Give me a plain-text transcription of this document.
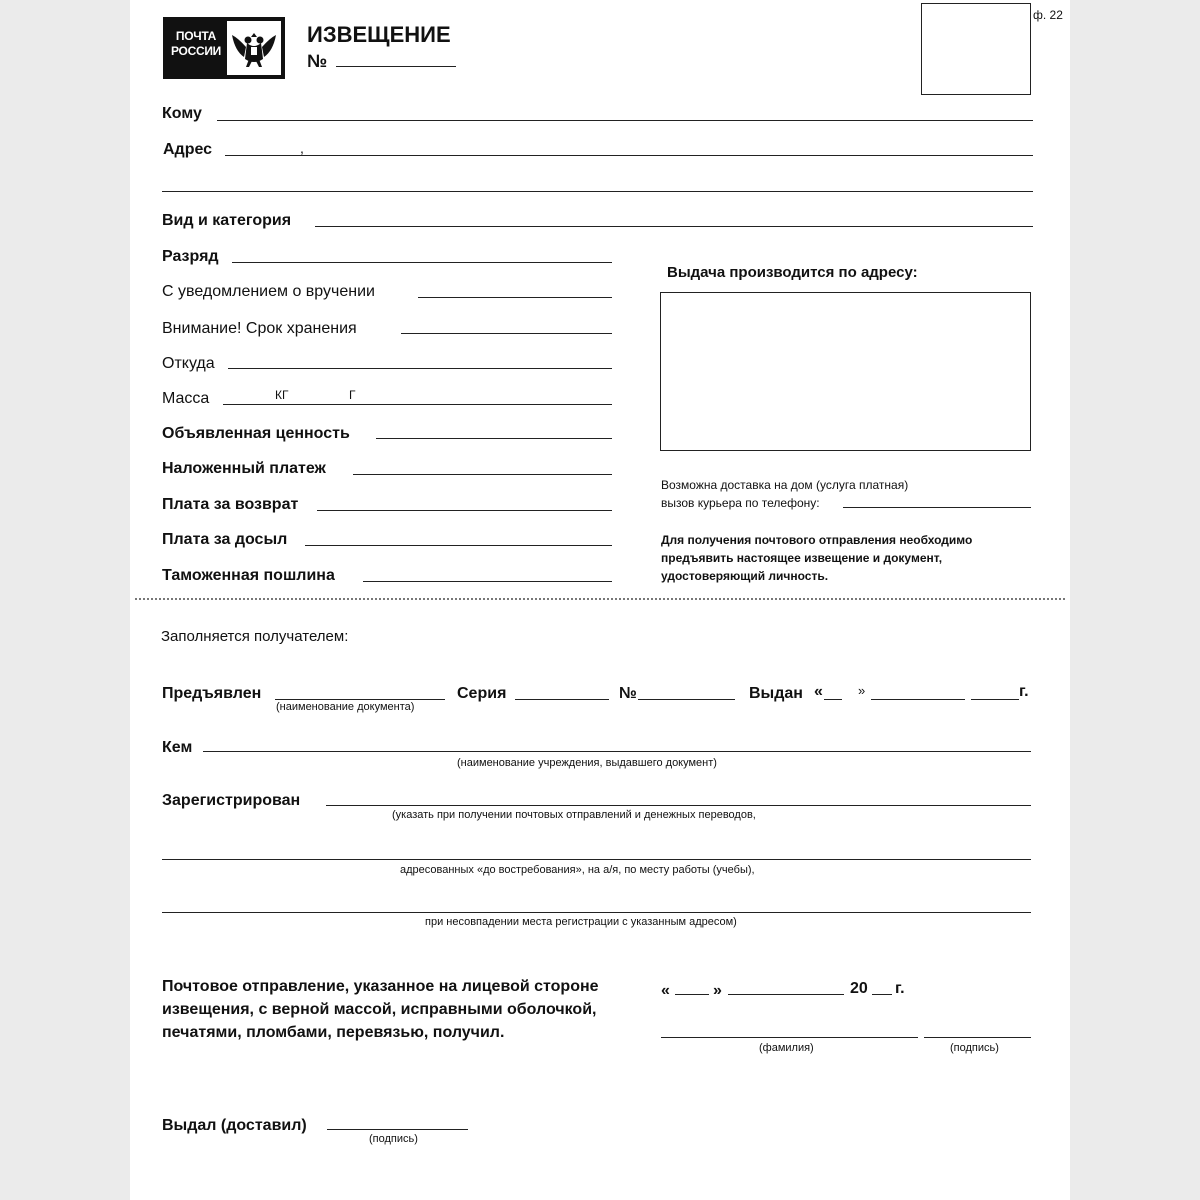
ПОЧТА
РОССИИ
ИЗВЕЩЕНИЕ
№
ф. 22
Кому
Адрес	,
Вид и категория
Разряд
С уведомлением о вручении
Внимание! Срок хранения
Откуда
Масса	КГ	Г
Объявленная ценность
Наложенный платеж
Плата за возврат
Плата за досыл
Таможенная пошлина
Выдача производится по адресу:
Возможна доставка на дом (услуга платная)
вызов курьера по телефону:
Для получения почтового отправления необходимо предъявить настоящее извещение и документ, удостоверяющий личность.
Заполняется получателем:
Предъявлен
(наименование документа)
Серия	№	Выдан «	»	г.
Кем
(наименование учреждения, выдавшего документ)
Зарегистрирован
(указать при получении почтовых отправлений и денежных переводов,
адресованных «до востребования», на а/я, по месту работы (учебы),
при несовпадении места регистрации с указанным адресом)
Почтовое отправление, указанное на лицевой стороне извещения, с верной массой, исправными оболочкой, печатями, пломбами, перевязью, получил.
«	»	20 г.
(фамилия)	(подпись)
Выдал (доставил)
(подпись)
